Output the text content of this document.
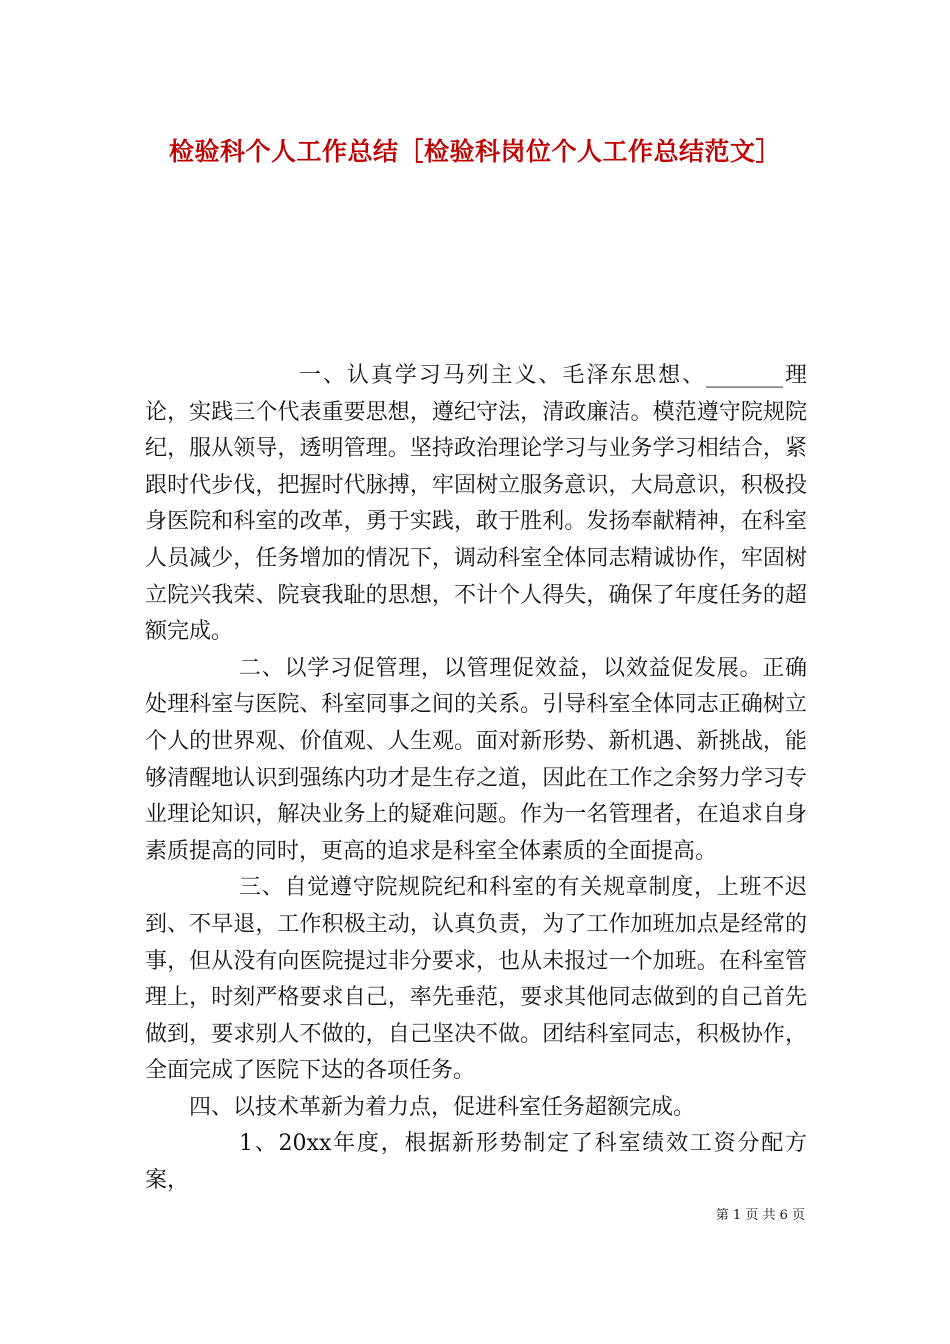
检验科个人工作总结［检验科岗位个人工作总结范文］

一、认真学习马列主义、毛泽东思想、_______理论，实践三个代表重要思想，遵纪守法，清政廉洁。模范遵守院规院纪，服从领导，透明管理。坚持政治理论学习与业务学习相结合，紧跟时代步伐，把握时代脉搏，牢固树立服务意识，大局意识，积极投身医院和科室的改革，勇于实践，敢于胜利。发扬奉献精神，在科室人员减少，任务增加的情况下，调动科室全体同志精诚协作，牢固树立院兴我荣、院衰我耻的思想，不计个人得失，确保了年度任务的超额完成。

二、以学习促管理，以管理促效益，以效益促发展。正确处理科室与医院、科室同事之间的关系。引导科室全体同志正确树立个人的世界观、价值观、人生观。面对新形势、新机遇、新挑战，能够清醒地认识到强练内功才是生存之道，因此在工作之余努力学习专业理论知识，解决业务上的疑难问题。作为一名管理者，在追求自身素质提高的同时，更高的追求是科室全体素质的全面提高。

三、自觉遵守院规院纪和科室的有关规章制度，上班不迟到、不早退，工作积极主动，认真负责，为了工作加班加点是经常的事，但从没有向医院提过非分要求，也从未报过一个加班。在科室管理上，时刻严格要求自己，率先垂范，要求其他同志做到的自己首先做到，要求别人不做的，自己坚决不做。团结科室同志，积极协作，全面完成了医院下达的各项任务。

四、以技术革新为着力点，促进科室任务超额完成。

1、20xx年度，根据新形势制定了科室绩效工资分配方案，

第 1 页 共 6 页
